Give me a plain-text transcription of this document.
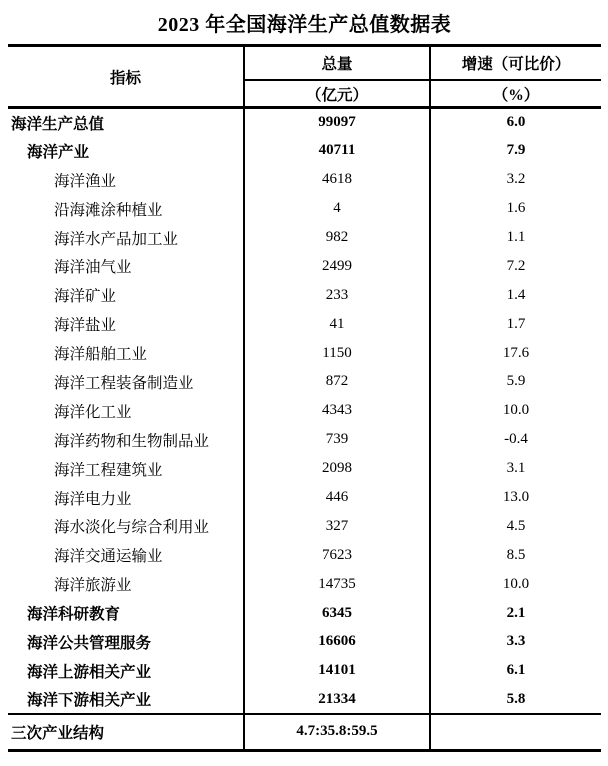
2023 年全国海洋生产总值数据表
指标	总量	增速（可比价）
	（亿元）	（%）
海洋生产总值	99097	6.0
海洋产业	40711	7.9
海洋渔业	4618	3.2
沿海滩涂种植业	4	1.6
海洋水产品加工业	982	1.1
海洋油气业	2499	7.2
海洋矿业	233	1.4
海洋盐业	41	1.7
海洋船舶工业	1150	17.6
海洋工程装备制造业	872	5.9
海洋化工业	4343	10.0
海洋药物和生物制品业	739	-0.4
海洋工程建筑业	2098	3.1
海洋电力业	446	13.0
海水淡化与综合利用业	327	4.5
海洋交通运输业	7623	8.5
海洋旅游业	14735	10.0
海洋科研教育	6345	2.1
海洋公共管理服务	16606	3.3
海洋上游相关产业	14101	6.1
海洋下游相关产业	21334	5.8
三次产业结构	4.7:35.8:59.5	
